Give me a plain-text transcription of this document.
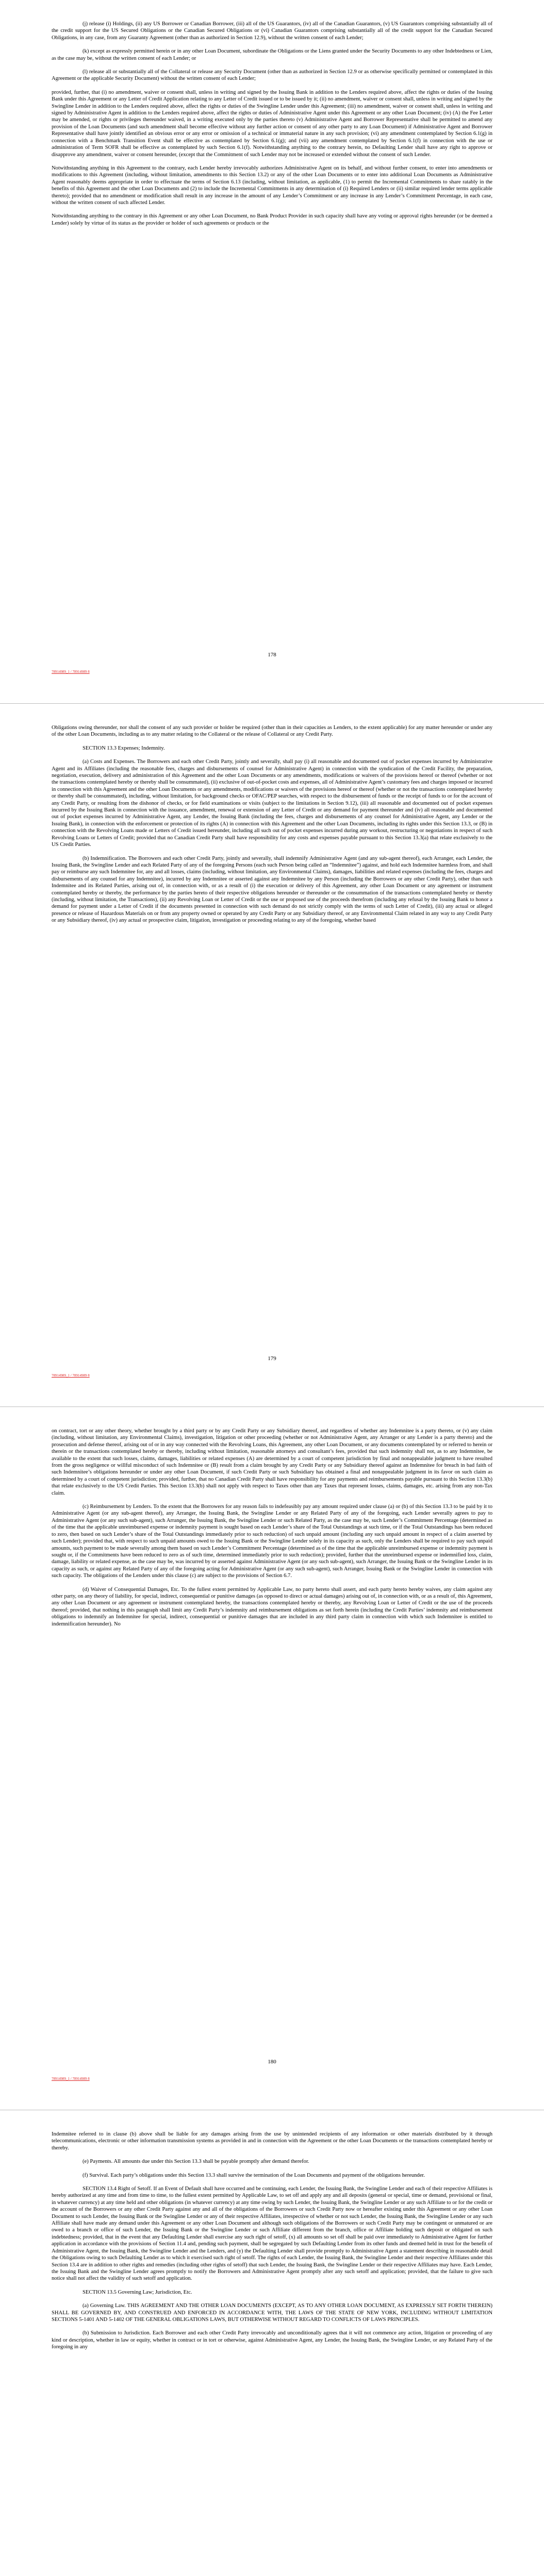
(j) release (i) Holdings, (ii) any US Borrower or Canadian Borrower, (iii) all of the US Guarantors, (iv) all of the Canadian Guarantors, (v) US Guarantors comprising substantially all of the credit support for the US Secured Obligations or the Canadian Secured Obligations or (vi) Canadian Guarantors comprising substantially all of the credit support for the Canadian Secured Obligations, in any case, from any Guaranty Agreement (other than as authorized in Section 12.9), without the written consent of each Lender;

(k) except as expressly permitted herein or in any other Loan Document, subordinate the Obligations or the Liens granted under the Security Documents to any other Indebtedness or Lien, as the case may be, without the written consent of each Lender; or

(l) release all or substantially all of the Collateral or release any Security Document (other than as authorized in Section 12.9 or as otherwise specifically permitted or contemplated in this Agreement or the applicable Security Document) without the written consent of each Lender;

provided, further, that (i) no amendment, waiver or consent shall, unless in writing and signed by the Issuing Bank in addition to the Lenders required above, affect the rights or duties of the Issuing Bank under this Agreement or any Letter of Credit Application relating to any Letter of Credit issued or to be issued by it; (ii) no amendment, waiver or consent shall, unless in writing and signed by the Swingline Lender in addition to the Lenders required above, affect the rights or duties of the Swingline Lender under this Agreement; (iii) no amendment, waiver or consent shall, unless in writing and signed by Administrative Agent in addition to the Lenders required above, affect the rights or duties of Administrative Agent under this Agreement or any other Loan Document; (iv) (A) the Fee Letter may be amended, or rights or privileges thereunder waived, in a writing executed only by the parties thereto (v) Administrative Agent and Borrower Representative shall be permitted to amend any provision of the Loan Documents (and such amendment shall become effective without any further action or consent of any other party to any Loan Document) if Administrative Agent and Borrower Representative shall have jointly identified an obvious error or any error or omission of a technical or immaterial nature in any such provision; (vi) any amendment contemplated by Section 6.1(g) in connection with a Benchmark Transition Event shall be effective as contemplated by Section 6.1(g); and (vii) any amendment contemplated by Section 6.1(f) in connection with the use or administration of Term SOFR shall be effective as contemplated by such Section 6.1(f). Notwithstanding anything to the contrary herein, no Defaulting Lender shall have any right to approve or disapprove any amendment, waiver or consent hereunder, (except that the Commitment of such Lender may not be increased or extended without the consent of such Lender.

Notwithstanding anything in this Agreement to the contrary, each Lender hereby irrevocably authorizes Administrative Agent on its behalf, and without further consent, to enter into amendments or modifications to this Agreement (including, without limitation, amendments to this Section 13.2) or any of the other Loan Documents or to enter into additional Loan Documents as Administrative Agent reasonably deems appropriate in order to effectuate the terms of Section 6.13 (including, without limitation, as applicable, (1) to permit the Incremental Commitments to share ratably in the benefits of this Agreement and the other Loan Documents and (2) to include the Incremental Commitments in any determination of (i) Required Lenders or (ii) similar required lender terms applicable thereto); provided that no amendment or modification shall result in any increase in the amount of any Lender’s Commitment or any increase in any Lender’s Commitment Percentage, in each case, without the written consent of such affected Lender.

Notwithstanding anything to the contrary in this Agreement or any other Loan Document, no Bank Product Provider in such capacity shall have any voting or approval rights hereunder (or be deemed a Lender) solely by virtue of its status as the provider or holder of such agreements or products or the

178
78914989_1 / 78914989 8

Obligations owing thereunder, nor shall the consent of any such provider or holder be required (other than in their capacities as Lenders, to the extent applicable) for any matter hereunder or under any of the other Loan Documents, including as to any matter relating to the Collateral or the release of Collateral or any Credit Party.

SECTION 13.3 Expenses; Indemnity.

(a) Costs and Expenses. The Borrowers and each other Credit Party, jointly and severally, shall pay (i) all reasonable and documented out of pocket expenses incurred by Administrative Agent and its Affiliates (including the reasonable fees, charges and disbursements of counsel for Administrative Agent) in connection with the syndication of the Credit Facility, the preparation, negotiation, execution, delivery and administration of this Agreement and the other Loan Documents or any amendments, modifications or waivers of the provisions hereof or thereof (whether or not the transactions contemplated hereby or thereby shall be consummated), (ii) exclusive of out-of-pocket costs and expenses, all of Administrative Agent’s customary fees and charges imposed or incurred in connection with this Agreement and the other Loan Documents or any amendments, modifications or waivers of the provisions hereof or thereof (whether or not the transactions contemplated hereby or thereby shall be consummated), including, without limitation, for background checks or OFAC/PEP searches, with respect to the disbursement of funds or the receipt of funds to or for the account of any Credit Party, or resulting from the dishonor of checks, or for field examinations or visits (subject to the limitations in Section 9.12), (iii) all reasonable and documented out of pocket expenses incurred by the Issuing Bank in connection with the issuance, amendment, renewal or extension of any Letter of Credit or any demand for payment thereunder and (iv) all reasonable and documented out of pocket expenses incurred by Administrative Agent, any Lender, the Issuing Bank (including the fees, charges and disbursements of any counsel for Administrative Agent, any Lender or the Issuing Bank), in connection with the enforcement or protection of its rights (A) in connection with this Agreement and the other Loan Documents, including its rights under this Section 13.3, or (B) in connection with the Revolving Loans made or Letters of Credit issued hereunder, including all such out of pocket expenses incurred during any workout, restructuring or negotiations in respect of such Revolving Loans or Letters of Credit; provided that no Canadian Credit Party shall have responsibility for any costs and expenses payable pursuant to this Section 13.3(a) that relate exclusively to the US Credit Parties.

(b) Indemnification. The Borrowers and each other Credit Party, jointly and severally, shall indemnify Administrative Agent (and any sub-agent thereof), each Arranger, each Lender, the Issuing Bank, the Swingline Lender and each Related Party of any of the foregoing Persons (each such Person being called an “Indemnitee”) against, and hold each Indemnitee harmless from, and shall pay or reimburse any such Indemnitee for, any and all losses, claims (including, without limitation, any Environmental Claims), damages, liabilities and related expenses (including the fees, charges and disbursements of any counsel for any Indemnitee), incurred by any Indemnitee or asserted against any Indemnitee by any Person (including the Borrowers or any other Credit Party), other than such Indemnitee and its Related Parties, arising out of, in connection with, or as a result of (i) the execution or delivery of this Agreement, any other Loan Document or any agreement or instrument contemplated hereby or thereby, the performance by the parties hereto of their respective obligations hereunder or thereunder or the consummation of the transactions contemplated hereby or thereby (including, without limitation, the Transactions), (ii) any Revolving Loan or Letter of Credit or the use or proposed use of the proceeds therefrom (including any refusal by the Issuing Bank to honor a demand for payment under a Letter of Credit if the documents presented in connection with such demand do not strictly comply with the terms of such Letter of Credit), (iii) any actual or alleged presence or release of Hazardous Materials on or from any property owned or operated by any Credit Party or any Subsidiary thereof, or any Environmental Claim related in any way to any Credit Party or any Subsidiary thereof, (iv) any actual or prospective claim, litigation, investigation or proceeding relating to any of the foregoing, whether based

179
78914989_1 / 78914989 8

on contract, tort or any other theory, whether brought by a third party or by any Credit Party or any Subsidiary thereof, and regardless of whether any Indemnitee is a party thereto, or (v) any claim (including, without limitation, any Environmental Claims), investigation, litigation or other proceeding (whether or not Administrative Agent, any Arranger or any Lender is a party thereto) and the prosecution and defense thereof, arising out of or in any way connected with the Revolving Loans, this Agreement, any other Loan Document, or any documents contemplated by or referred to herein or therein or the transactions contemplated hereby or thereby, including without limitation, reasonable attorneys and consultant’s fees, provided that such indemnity shall not, as to any Indemnitee, be available to the extent that such losses, claims, damages, liabilities or related expenses (A) are determined by a court of competent jurisdiction by final and nonappealable judgment to have resulted from the gross negligence or willful misconduct of such Indemnitee or (B) result from a claim brought by any Credit Party or any Subsidiary thereof against an Indemnitee for breach in bad faith of such Indemnitee’s obligations hereunder or under any other Loan Document, if such Credit Party or such Subsidiary has obtained a final and nonappealable judgment in its favor on such claim as determined by a court of competent jurisdiction; provided, further, that no Canadian Credit Party shall have responsibility for any payments and reimbursements payable pursuant to this Section 13.3(b) that relate exclusively to the US Credit Parties. This Section 13.3(b) shall not apply with respect to Taxes other than any Taxes that represent losses, claims, damages, etc. arising from any non-Tax claim.

(c) Reimbursement by Lenders. To the extent that the Borrowers for any reason fails to indefeasibly pay any amount required under clause (a) or (b) of this Section 13.3 to be paid by it to Administrative Agent (or any sub-agent thereof), any Arranger, the Issuing Bank, the Swingline Lender or any Related Party of any of the foregoing, each Lender severally agrees to pay to Administrative Agent (or any such sub-agent), such Arranger, the Issuing Bank, the Swingline Lender or such Related Party, as the case may be, such Lender’s Commitment Percentage (determined as of the time that the applicable unreimbursed expense or indemnity payment is sought based on each Lender’s share of the Total Outstandings at such time, or if the Total Outstandings has been reduced to zero, then based on such Lender’s share of the Total Outstandings immediately prior to such reduction) of such unpaid amount (including any such unpaid amount in respect of a claim asserted by such Lender); provided that, with respect to such unpaid amounts owed to the Issuing Bank or the Swingline Lender solely in its capacity as such, only the Lenders shall be required to pay such unpaid amounts, such payment to be made severally among them based on such Lender’s Commitment Percentage (determined as of the time that the applicable unreimbursed expense or indemnity payment is sought or, if the Commitments have been reduced to zero as of such time, determined immediately prior to such reduction); provided, further that the unreimbursed expense or indemnified loss, claim, damage, liability or related expense, as the case may be, was incurred by or asserted against Administrative Agent (or any such sub-agent), such Arranger, the Issuing Bank or the Swingline Lender in its capacity as such, or against any Related Party of any of the foregoing acting for Administrative Agent (or any such sub-agent), such Arranger, Issuing Bank or the Swingline Lender in connection with such capacity. The obligations of the Lenders under this clause (c) are subject to the provisions of Section 6.7.

(d) Waiver of Consequential Damages, Etc. To the fullest extent permitted by Applicable Law, no party hereto shall assert, and each party hereto hereby waives, any claim against any other party, on any theory of liability, for special, indirect, consequential or punitive damages (as opposed to direct or actual damages) arising out of, in connection with, or as a result of, this Agreement, any other Loan Document or any agreement or instrument contemplated hereby, the transactions contemplated hereby or thereby, any Revolving Loan or Letter of Credit or the use of the proceeds thereof; provided, that nothing in this paragraph shall limit any Credit Party’s indemnity and reimbursement obligations as set forth herein (including the Credit Parties’ indemnity and reimbursement obligations to indemnify an Indemnitee for special, indirect, consequential or punitive damages that are included in any third party claim in connection with which such Indemnitee is entitled to indemnification hereunder). No

180
78914989_1 / 78914989 8

Indemnitee referred to in clause (b) above shall be liable for any damages arising from the use by unintended recipients of any information or other materials distributed by it through telecommunications, electronic or other information transmission systems as provided in and in connection with the Agreement or the other Loan Documents or the transactions contemplated hereby or thereby.

(e) Payments. All amounts due under this Section 13.3 shall be payable promptly after demand therefor.

(f) Survival. Each party’s obligations under this Section 13.3 shall survive the termination of the Loan Documents and payment of the obligations hereunder.

SECTION 13.4 Right of Setoff. If an Event of Default shall have occurred and be continuing, each Lender, the Issuing Bank, the Swingline Lender and each of their respective Affiliates is hereby authorized at any time and from time to time, to the fullest extent permitted by Applicable Law, to set off and apply any and all deposits (general or special, time or demand, provisional or final, in whatever currency) at any time held and other obligations (in whatever currency) at any time owing by such Lender, the Issuing Bank, the Swingline Lender or any such Affiliate to or for the credit or the account of the Borrowers or any other Credit Party against any and all of the obligations of the Borrowers or such Credit Party now or hereafter existing under this Agreement or any other Loan Document to such Lender, the Issuing Bank or the Swingline Lender or any of their respective Affiliates, irrespective of whether or not such Lender, the Issuing Bank, the Swingline Lender or any such Affiliate shall have made any demand under this Agreement or any other Loan Document and although such obligations of the Borrowers or such Credit Party may be contingent or unmatured or are owed to a branch or office of such Lender, the Issuing Bank or the Swingline Lender or such Affiliate different from the branch, office or Affiliate holding such deposit or obligated on such indebtedness; provided, that in the event that any Defaulting Lender shall exercise any such right of setoff, (x) all amounts so set off shall be paid over immediately to Administrative Agent for further application in accordance with the provisions of Section 11.4 and, pending such payment, shall be segregated by such Defaulting Lender from its other funds and deemed held in trust for the benefit of Administrative Agent, the Issuing Bank, the Swingline Lender and the Lenders, and (y) the Defaulting Lender shall provide promptly to Administrative Agent a statement describing in reasonable detail the Obligations owing to such Defaulting Lender as to which it exercised such right of setoff. The rights of each Lender, the Issuing Bank, the Swingline Lender and their respective Affiliates under this Section 13.4 are in addition to other rights and remedies (including other rights of setoff) that such Lender, the Issuing Bank, the Swingline Lender or their respective Affiliates may have. Each Lender, the Issuing Bank and the Swingline Lender agrees promptly to notify the Borrowers and Administrative Agent promptly after any such setoff and application; provided, that the failure to give such notice shall not affect the validity of such setoff and application.

SECTION 13.5 Governing Law; Jurisdiction, Etc.

(a) Governing Law. THIS AGREEMENT AND THE OTHER LOAN DOCUMENTS (EXCEPT, AS TO ANY OTHER LOAN DOCUMENT, AS EXPRESSLY SET FORTH THEREIN) SHALL BE GOVERNED BY, AND CONSTRUED AND ENFORCED IN ACCORDANCE WITH, THE LAWS OF THE STATE OF NEW YORK, INCLUDING WITHOUT LIMITATION SECTIONS 5-1401 AND 5-1402 OF THE GENERAL OBLIGATIONS LAWS, BUT OTHERWISE WITHOUT REGARD TO CONFLICTS OF LAWS PRINCIPLES.

(b) Submission to Jurisdiction. Each Borrower and each other Credit Party irrevocably and unconditionally agrees that it will not commence any action, litigation or proceeding of any kind or description, whether in law or equity, whether in contract or in tort or otherwise, against Administrative Agent, any Lender, the Issuing Bank, the Swingline Lender, or any Related Party of the foregoing in any
